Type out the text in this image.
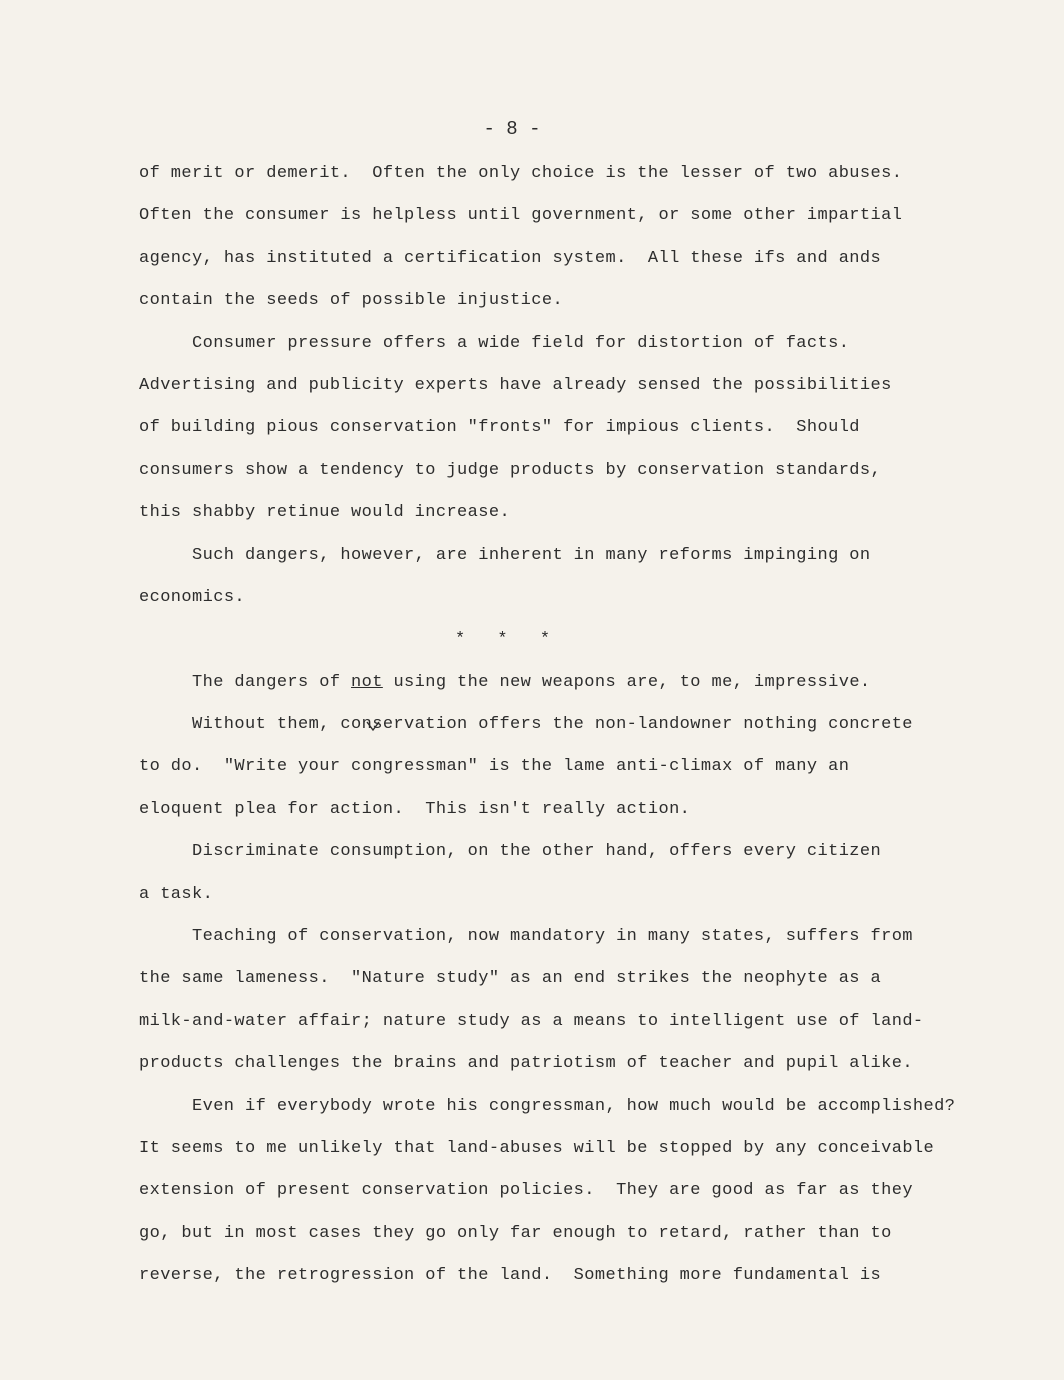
- 8 -
of merit or demerit.  Often the only choice is the lesser of two abuses.
Often the consumer is helpless until government, or some other impartial
agency, has instituted a certification system.  All these ifs and ands
contain the seeds of possible injustice.
Consumer pressure offers a wide field for distortion of facts.
Advertising and publicity experts have already sensed the possibilities
of building pious conservation "fronts" for impious clients.  Should
consumers show a tendency to judge products by conservation standards,
this shabby retinue would increase.
Such dangers, however, are inherent in many reforms impinging on
economics.
*   *   *
The dangers of not using the new weapons are, to me, impressive.
Without them, conservation offers the non-landowner nothing concrete
to do.  "Write your congressman" is the lame anti-climax of many an
eloquent plea for action.  This isn't really action.
Discriminate consumption, on the other hand, offers every citizen
a task.
Teaching of conservation, now mandatory in many states, suffers from
the same lameness.  "Nature study" as an end strikes the neophyte as a
milk-and-water affair; nature study as a means to intelligent use of land-
products challenges the brains and patriotism of teacher and pupil alike.
Even if everybody wrote his congressman, how much would be accomplished?
It seems to me unlikely that land-abuses will be stopped by any conceivable
extension of present conservation policies.  They are good as far as they
go, but in most cases they go only far enough to retard, rather than to
reverse, the retrogression of the land.  Something more fundamental is
